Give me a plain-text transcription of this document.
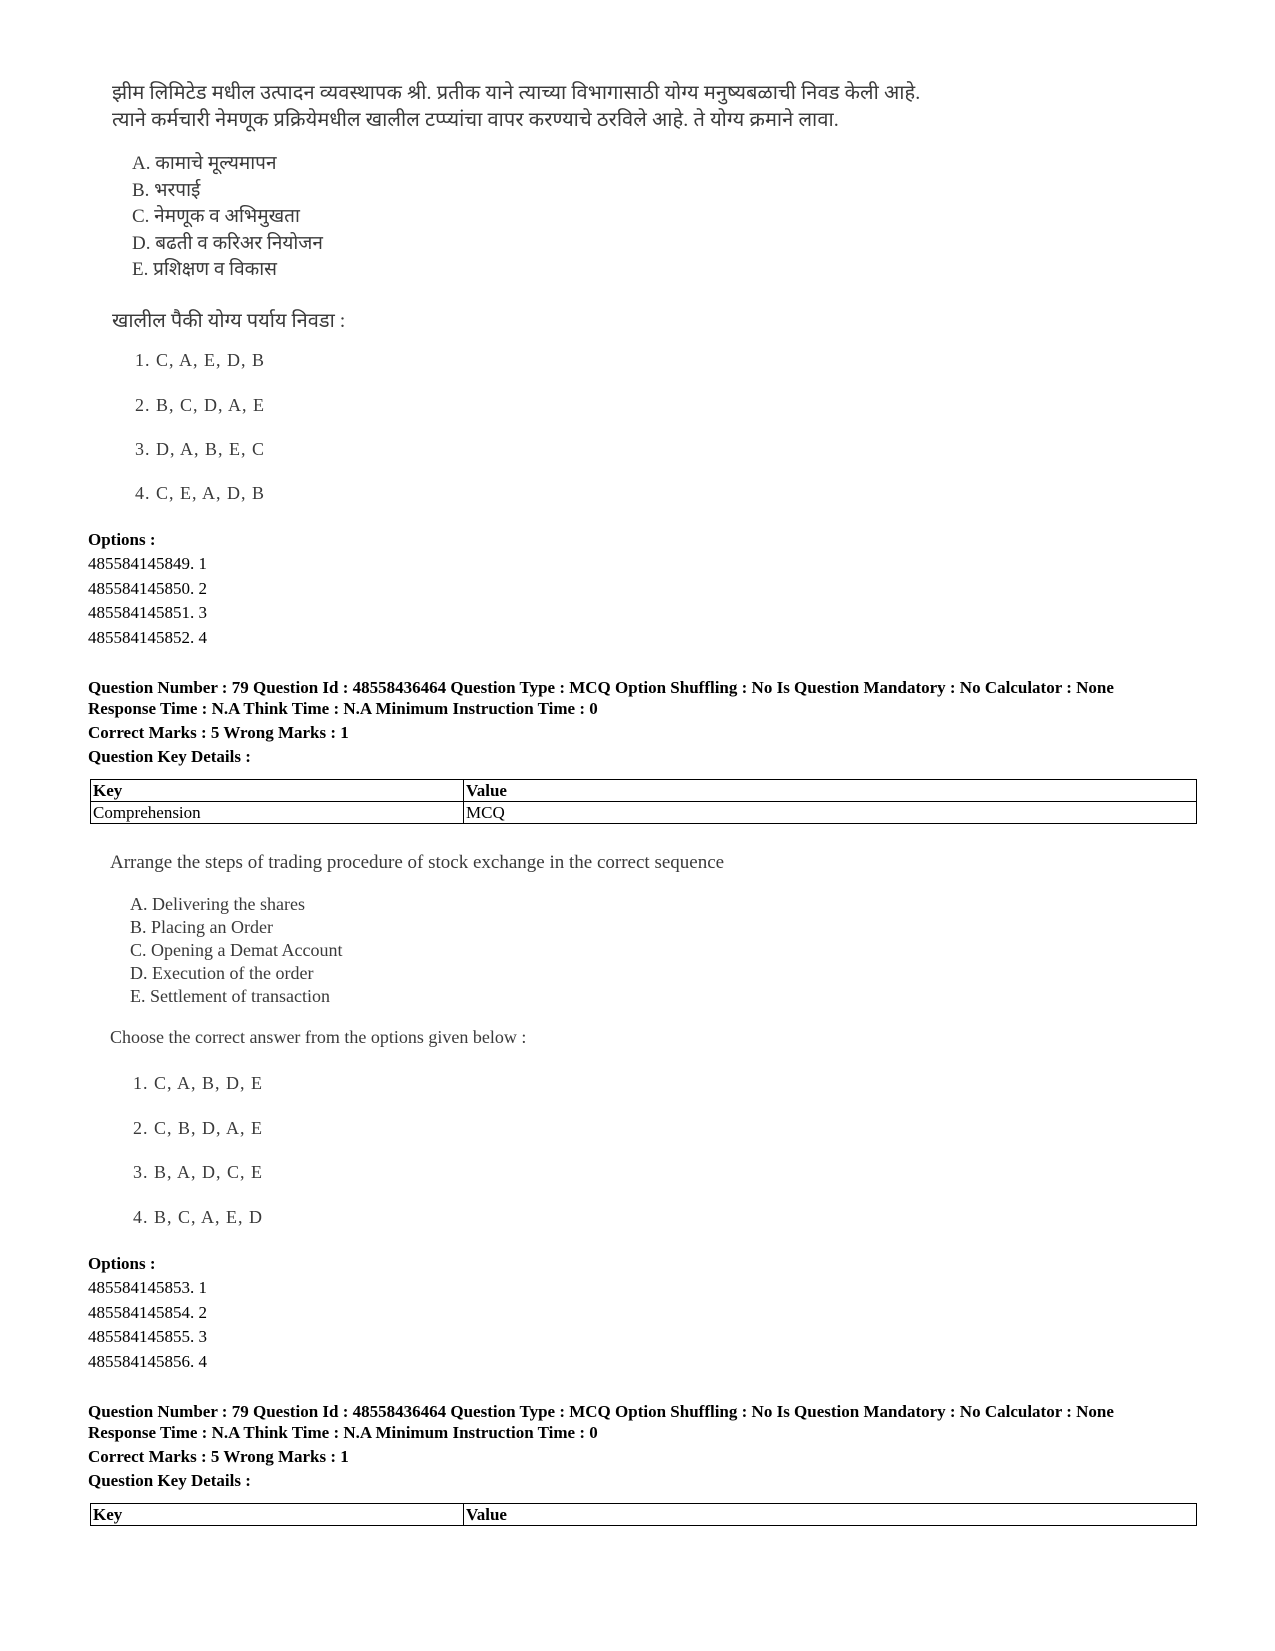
झीम लिमिटेड मधील उत्पादन व्यवस्थापक श्री. प्रतीक याने त्याच्या विभागासाठी योग्य मनुष्यबळाची निवड केली आहे.
त्याने कर्मचारी नेमणूक प्रक्रियेमधील खालील टप्प्यांचा वापर करण्याचे ठरविले आहे. ते योग्य क्रमाने लावा.
A. कामाचे मूल्यमापन
B. भरपाई
C. नेमणूक व अभिमुखता
D. बढती व करिअर नियोजन
E. प्रशिक्षण व विकास
खालील पैकी योग्य पर्याय निवडा :
1. C, A, E, D, B
2. B, C, D, A, E
3. D, A, B, E, C
4. C, E, A, D, B
Options :
485584145849. 1
485584145850. 2
485584145851. 3
485584145852. 4
Question Number : 79 Question Id : 48558436464 Question Type : MCQ Option Shuffling : No Is Question Mandatory : No Calculator : None
Response Time : N.A Think Time : N.A Minimum Instruction Time : 0
Correct Marks : 5 Wrong Marks : 1
Question Key Details :
Key	Value
Comprehension	MCQ
Arrange the steps of trading procedure of stock exchange in the correct sequence
A. Delivering the shares
B. Placing an Order
C. Opening a Demat Account
D. Execution of the order
E. Settlement of transaction
Choose the correct answer from the options given below :
1. C, A, B, D, E
2. C, B, D, A, E
3. B, A, D, C, E
4. B, C, A, E, D
Options :
485584145853. 1
485584145854. 2
485584145855. 3
485584145856. 4
Question Number : 79 Question Id : 48558436464 Question Type : MCQ Option Shuffling : No Is Question Mandatory : No Calculator : None
Response Time : N.A Think Time : N.A Minimum Instruction Time : 0
Correct Marks : 5 Wrong Marks : 1
Question Key Details :
Key	Value
